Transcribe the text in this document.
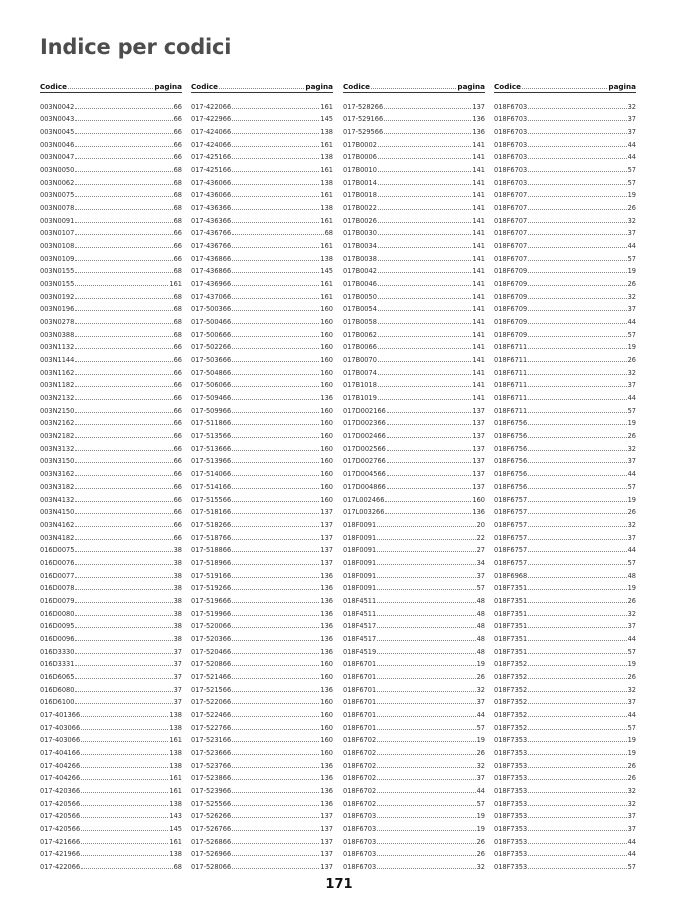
Indice per codici
Codice	pagina
003N0042	66
003N0043	66
003N0045	66
003N0046	66
003N0047	66
003N0050	68
003N0062	68
003N0075	68
003N0078	68
003N0091	68
003N0107	66
003N0108	66
003N0109	66
003N0155	68
003N0155	161
003N0192	68
003N0196	68
003N0278	68
003N0388	68
003N1132	66
003N1144	66
003N1162	66
003N1182	66
003N2132	66
003N2150	66
003N2162	66
003N2182	66
003N3132	66
003N3150	66
003N3162	66
003N3182	66
003N4132	66
003N4150	66
003N4162	66
003N4182	66
016D0075	38
016D0076	38
016D0077	38
016D0078	38
016D0079	38
016D0080	38
016D0095	38
016D0096	38
016D3330	37
016D3331	37
016D6065	37
016D6080	37
016D6100	37
017-401366	138
017-403066	138
017-403066	161
017-404166	138
017-404266	138
017-404266	161
017-420366	161
017-420566	138
017-420566	143
017-420566	145
017-421666	161
017-421966	138
017-422066	68
Codice	pagina
017-422066	161
017-422966	145
017-424066	138
017-424066	161
017-425166	138
017-425166	161
017-436066	138
017-436066	161
017-436366	138
017-436366	161
017-436766	68
017-436766	161
017-436866	138
017-436866	145
017-436966	161
017-437066	161
017-500366	160
017-500466	160
017-500666	160
017-502266	160
017-503666	160
017-504866	160
017-506066	160
017-509466	136
017-509966	160
017-511866	160
017-513566	160
017-513666	160
017-513966	160
017-514066	160
017-514166	160
017-515566	160
017-518166	137
017-518266	137
017-518766	137
017-518866	137
017-518966	137
017-519166	136
017-519266	136
017-519666	136
017-519966	136
017-520066	136
017-520366	136
017-520466	136
017-520866	160
017-521466	160
017-521566	136
017-522066	160
017-522466	160
017-522766	160
017-523166	160
017-523666	160
017-523766	136
017-523866	136
017-523966	136
017-525566	136
017-526266	137
017-526766	137
017-526866	137
017-526966	137
017-528066	137
Codice	pagina
017-528266	137
017-529166	136
017-529566	136
017B0002	141
017B0006	141
017B0010	141
017B0014	141
017B0018	141
017B0022	141
017B0026	141
017B0030	141
017B0034	141
017B0038	141
017B0042	141
017B0046	141
017B0050	141
017B0054	141
017B0058	141
017B0062	141
017B0066	141
017B0070	141
017B0074	141
017B1018	141
017B1019	141
017D002166	137
017D002366	137
017D002466	137
017D002566	137
017D002766	137
017D004566	137
017D004866	137
017L002466	160
017L003266	136
018F0091	20
018F0091	22
018F0091	27
018F0091	34
018F0091	37
018F0091	57
018F4511	48
018F4511	48
018F4517	48
018F4517	48
018F4519	48
018F6701	19
018F6701	26
018F6701	32
018F6701	37
018F6701	44
018F6701	57
018F6702	19
018F6702	26
018F6702	32
018F6702	37
018F6702	44
018F6702	57
018F6703	19
018F6703	19
018F6703	26
018F6703	26
018F6703	32
Codice	pagina
018F6703	32
018F6703	37
018F6703	37
018F6703	44
018F6703	44
018F6703	57
018F6703	57
018F6707	19
018F6707	26
018F6707	32
018F6707	37
018F6707	44
018F6707	57
018F6709	19
018F6709	26
018F6709	32
018F6709	37
018F6709	44
018F6709	57
018F6711	19
018F6711	26
018F6711	32
018F6711	37
018F6711	44
018F6711	57
018F6756	19
018F6756	26
018F6756	32
018F6756	37
018F6756	44
018F6756	57
018F6757	19
018F6757	26
018F6757	32
018F6757	37
018F6757	44
018F6757	57
018F6968	48
018F7351	19
018F7351	26
018F7351	32
018F7351	37
018F7351	44
018F7351	57
018F7352	19
018F7352	26
018F7352	32
018F7352	37
018F7352	44
018F7352	57
018F7353	19
018F7353	19
018F7353	26
018F7353	26
018F7353	32
018F7353	32
018F7353	37
018F7353	37
018F7353	44
018F7353	44
018F7353	57
171
